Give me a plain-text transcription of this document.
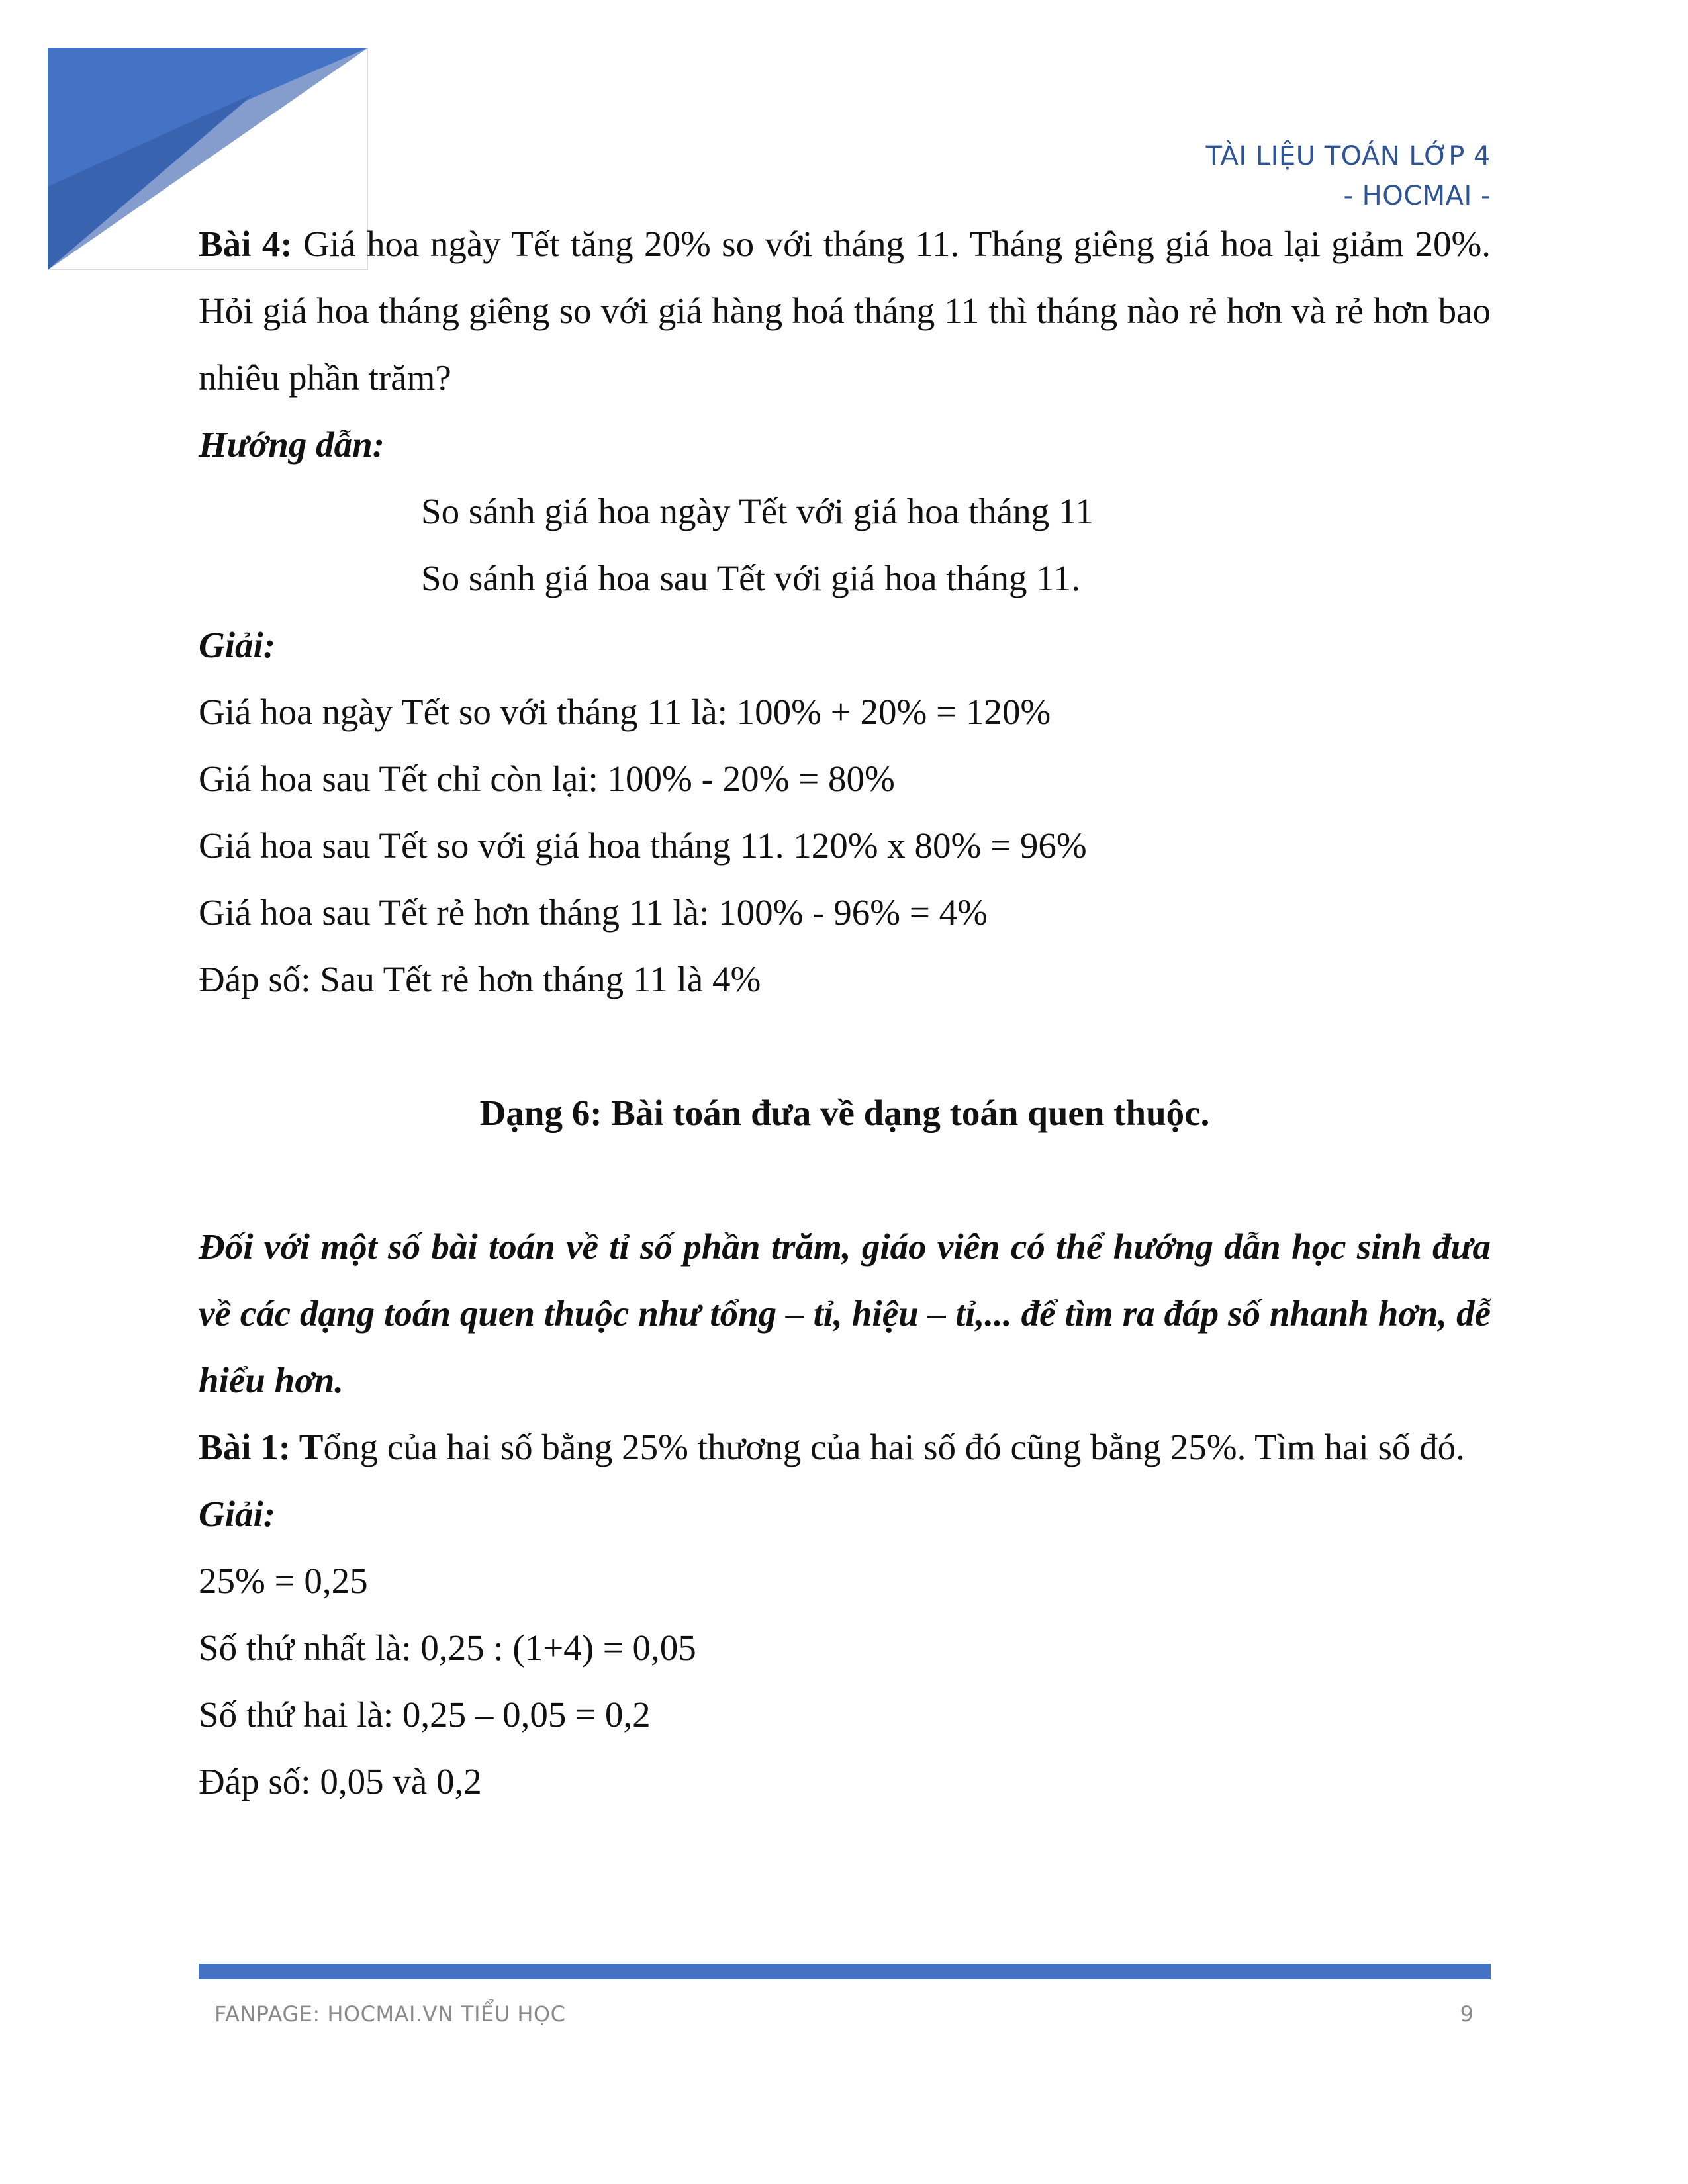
TÀI LIỆU TOÁN LỚP 4
- HOCMAI -

Bài 4: Giá hoa ngày Tết tăng 20% so với tháng 11. Tháng giêng giá hoa lại giảm 20%. Hỏi giá hoa tháng giêng so với giá hàng hoá tháng 11 thì tháng nào rẻ hơn và rẻ hơn bao nhiêu phần trăm?

Hướng dẫn:

So sánh giá hoa ngày Tết với giá hoa tháng 11

So sánh giá hoa sau Tết với giá hoa tháng 11.

Giải:

Giá hoa ngày Tết so với tháng 11 là: 100% + 20% = 120%

Giá hoa sau Tết chỉ còn lại: 100% - 20% = 80%

Giá hoa sau Tết so với giá hoa tháng 11. 120% x 80% = 96%

Giá hoa sau Tết rẻ hơn tháng 11 là: 100% - 96% = 4%

Đáp số: Sau Tết rẻ hơn tháng 11 là 4%

Dạng 6: Bài toán đưa về dạng toán quen thuộc.

Đối với một số bài toán về tỉ số phần trăm, giáo viên có thể hướng dẫn học sinh đưa về các dạng toán quen thuộc như tổng – tỉ, hiệu – tỉ,... để tìm ra đáp số nhanh hơn, dễ hiểu hơn.

Bài 1: Tổng của hai số bằng 25% thương của hai số đó cũng bằng 25%. Tìm hai số đó.

Giải:

25% = 0,25

Số thứ nhất là: 0,25 : (1+4) = 0,05

Số thứ hai là: 0,25 – 0,05 = 0,2

Đáp số: 0,05 và 0,2

FANPAGE: HOCMAI.VN TIỂU HỌC	9
